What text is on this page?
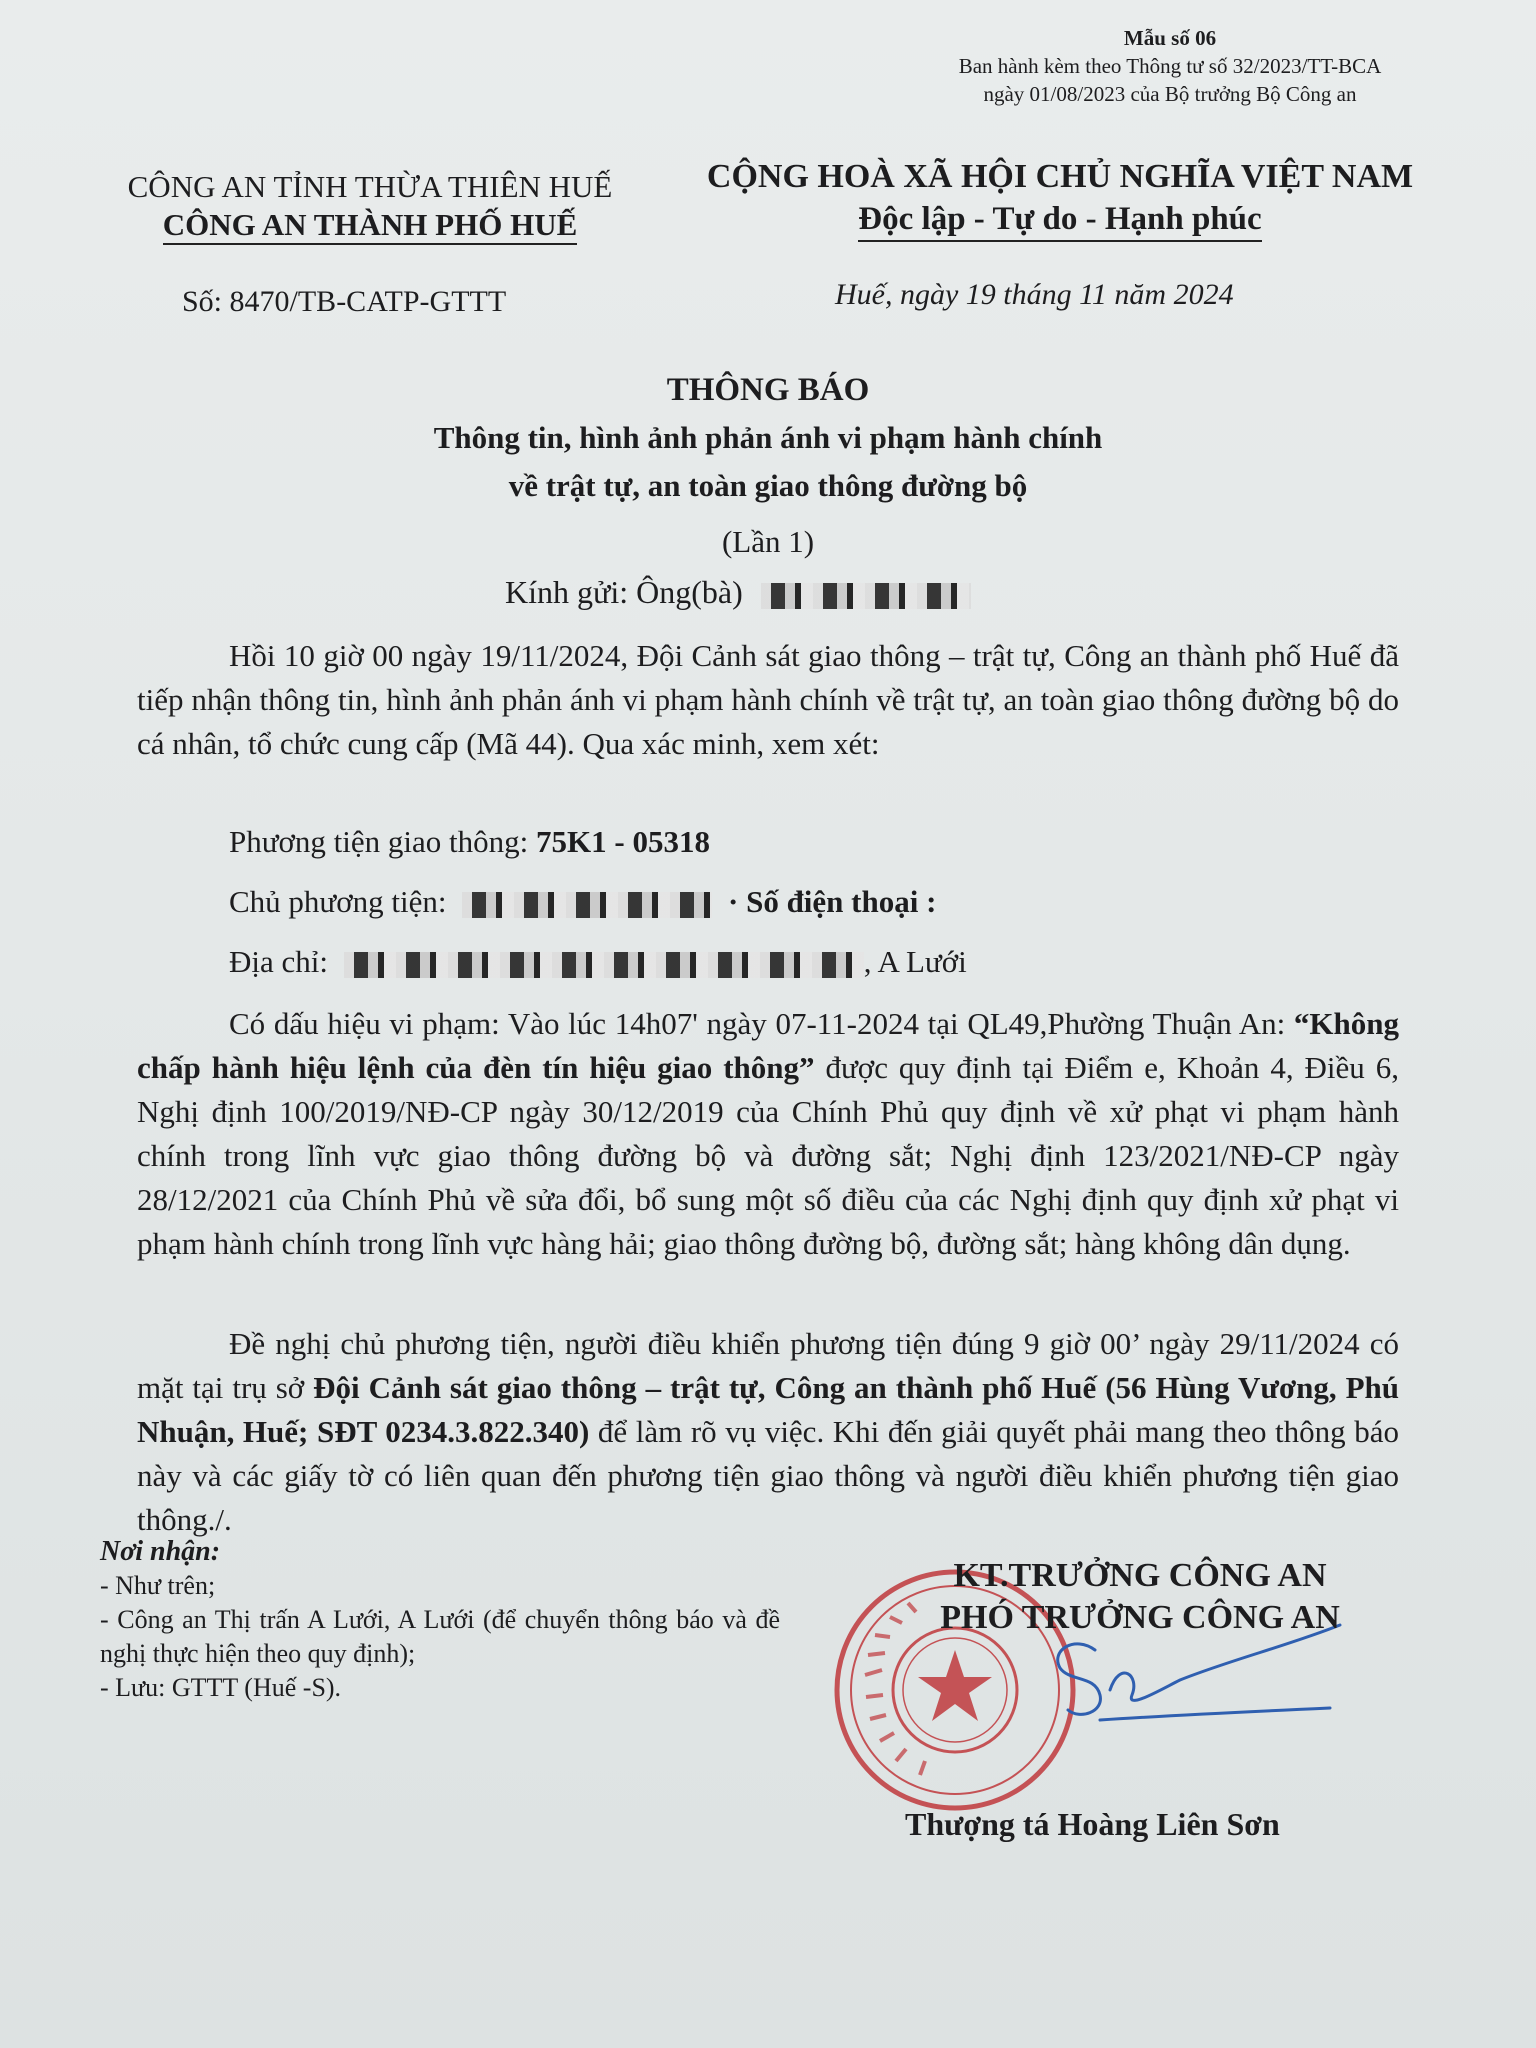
Mẫu số 06
Ban hành kèm theo Thông tư số 32/2023/TT-BCA
ngày 01/08/2023 của Bộ trưởng Bộ Công an
CÔNG AN TỈNH THỪA THIÊN HUẾ
CÔNG AN THÀNH PHỐ HUẾ
CỘNG HOÀ XÃ HỘI CHỦ NGHĨA VIỆT NAM
Độc lập - Tự do - Hạnh phúc
Số: 8470/TB-CATP-GTTT	Huế, ngày 19 tháng 11 năm 2024
THÔNG BÁO
Thông tin, hình ảnh phản ánh vi phạm hành chính
về trật tự, an toàn giao thông đường bộ
(Lần 1)
Kính gửi: Ông(bà)
Hồi 10 giờ 00 ngày 19/11/2024, Đội Cảnh sát giao thông – trật tự, Công an thành phố Huế đã tiếp nhận thông tin, hình ảnh phản ánh vi phạm hành chính về trật tự, an toàn giao thông đường bộ do cá nhân, tổ chức cung cấp (Mã 44). Qua xác minh, xem xét:
Phương tiện giao thông: 75K1 - 05318
Chủ phương tiện:	· Số điện thoại :
Địa chỉ:	, A Lưới
Có dấu hiệu vi phạm: Vào lúc 14h07' ngày 07-11-2024 tại QL49,Phường Thuận An: “Không chấp hành hiệu lệnh của đèn tín hiệu giao thông” được quy định tại Điểm e, Khoản 4, Điều 6, Nghị định 100/2019/NĐ-CP ngày 30/12/2019 của Chính Phủ quy định về xử phạt vi phạm hành chính trong lĩnh vực giao thông đường bộ và đường sắt; Nghị định 123/2021/NĐ-CP ngày 28/12/2021 của Chính Phủ về sửa đổi, bổ sung một số điều của các Nghị định quy định xử phạt vi phạm hành chính trong lĩnh vực hàng hải; giao thông đường bộ, đường sắt; hàng không dân dụng.
Đề nghị chủ phương tiện, người điều khiển phương tiện đúng 9 giờ 00’ ngày 29/11/2024 có mặt tại trụ sở Đội Cảnh sát giao thông – trật tự, Công an thành phố Huế (56 Hùng Vương, Phú Nhuận, Huế; SĐT 0234.3.822.340) để làm rõ vụ việc. Khi đến giải quyết phải mang theo thông báo này và các giấy tờ có liên quan đến phương tiện giao thông và người điều khiển phương tiện giao thông./.
Nơi nhận:
- Như trên;
- Công an Thị trấn A Lưới, A Lưới (để chuyển thông báo và đề nghị thực hiện theo quy định);
- Lưu: GTTT (Huế -S).
KT.TRƯỞNG CÔNG AN
PHÓ TRƯỞNG CÔNG AN
Thượng tá Hoàng Liên Sơn
